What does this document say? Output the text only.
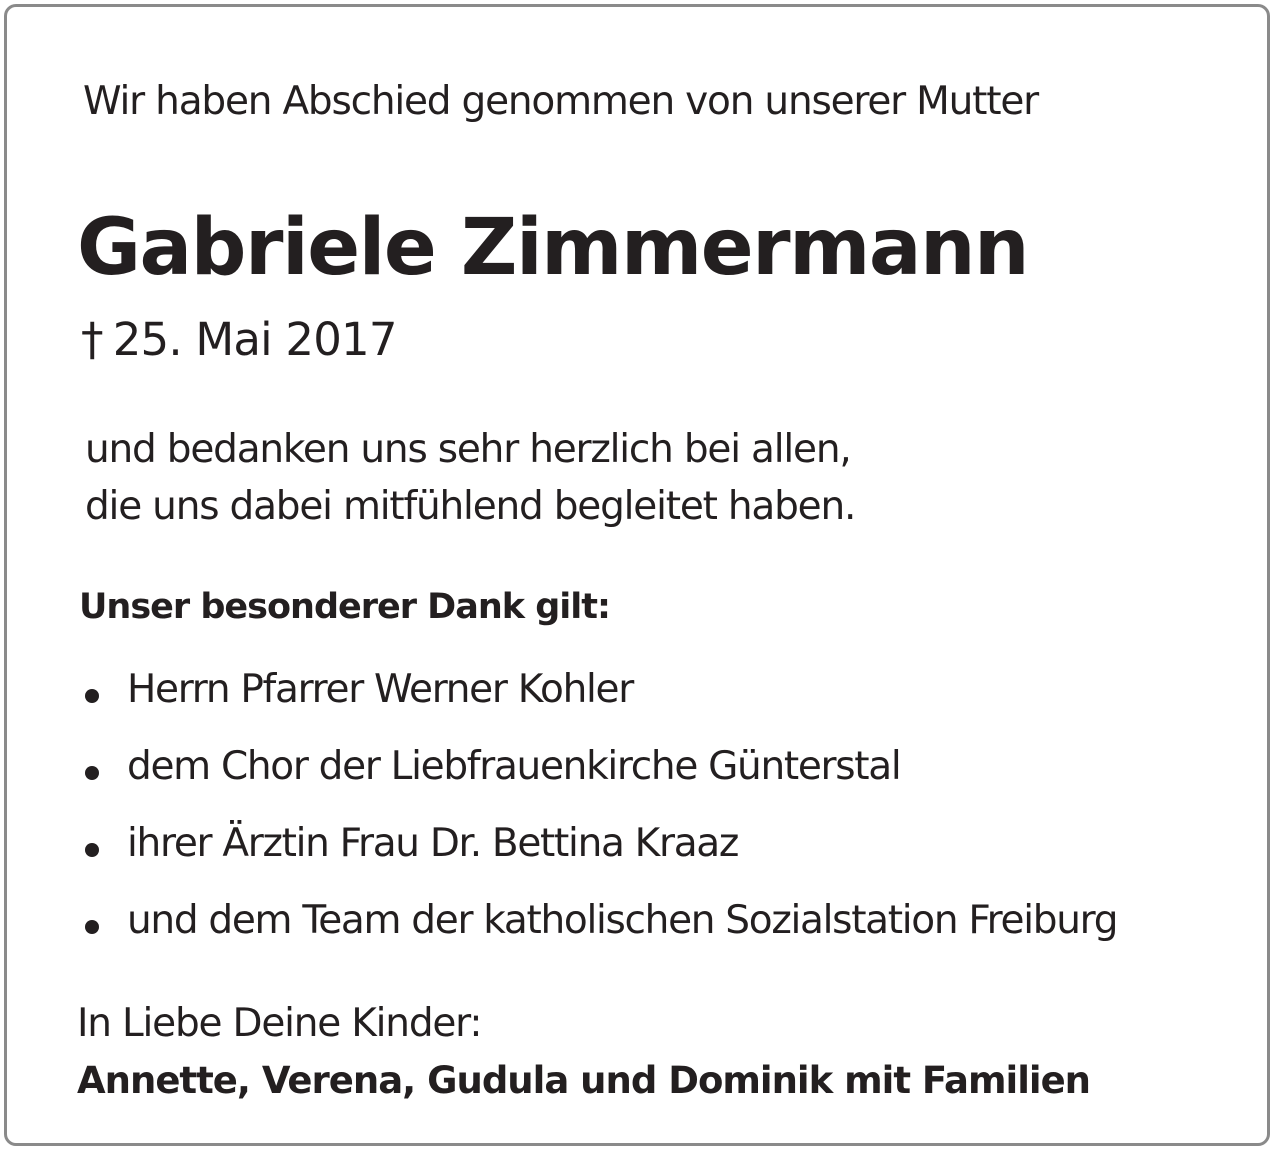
Wir haben Abschied genommen von unserer Mutter
Gabriele Zimmermann
† 25. Mai 2017
und bedanken uns sehr herzlich bei allen,
die uns dabei mitfühlend begleitet haben.
Unser besonderer Dank gilt:
Herrn Pfarrer Werner Kohler
dem Chor der Liebfrauenkirche Günterstal
ihrer Ärztin Frau Dr. Bettina Kraaz
und dem Team der katholischen Sozialstation Freiburg
In Liebe Deine Kinder:
Annette, Verena, Gudula und Dominik mit Familien
